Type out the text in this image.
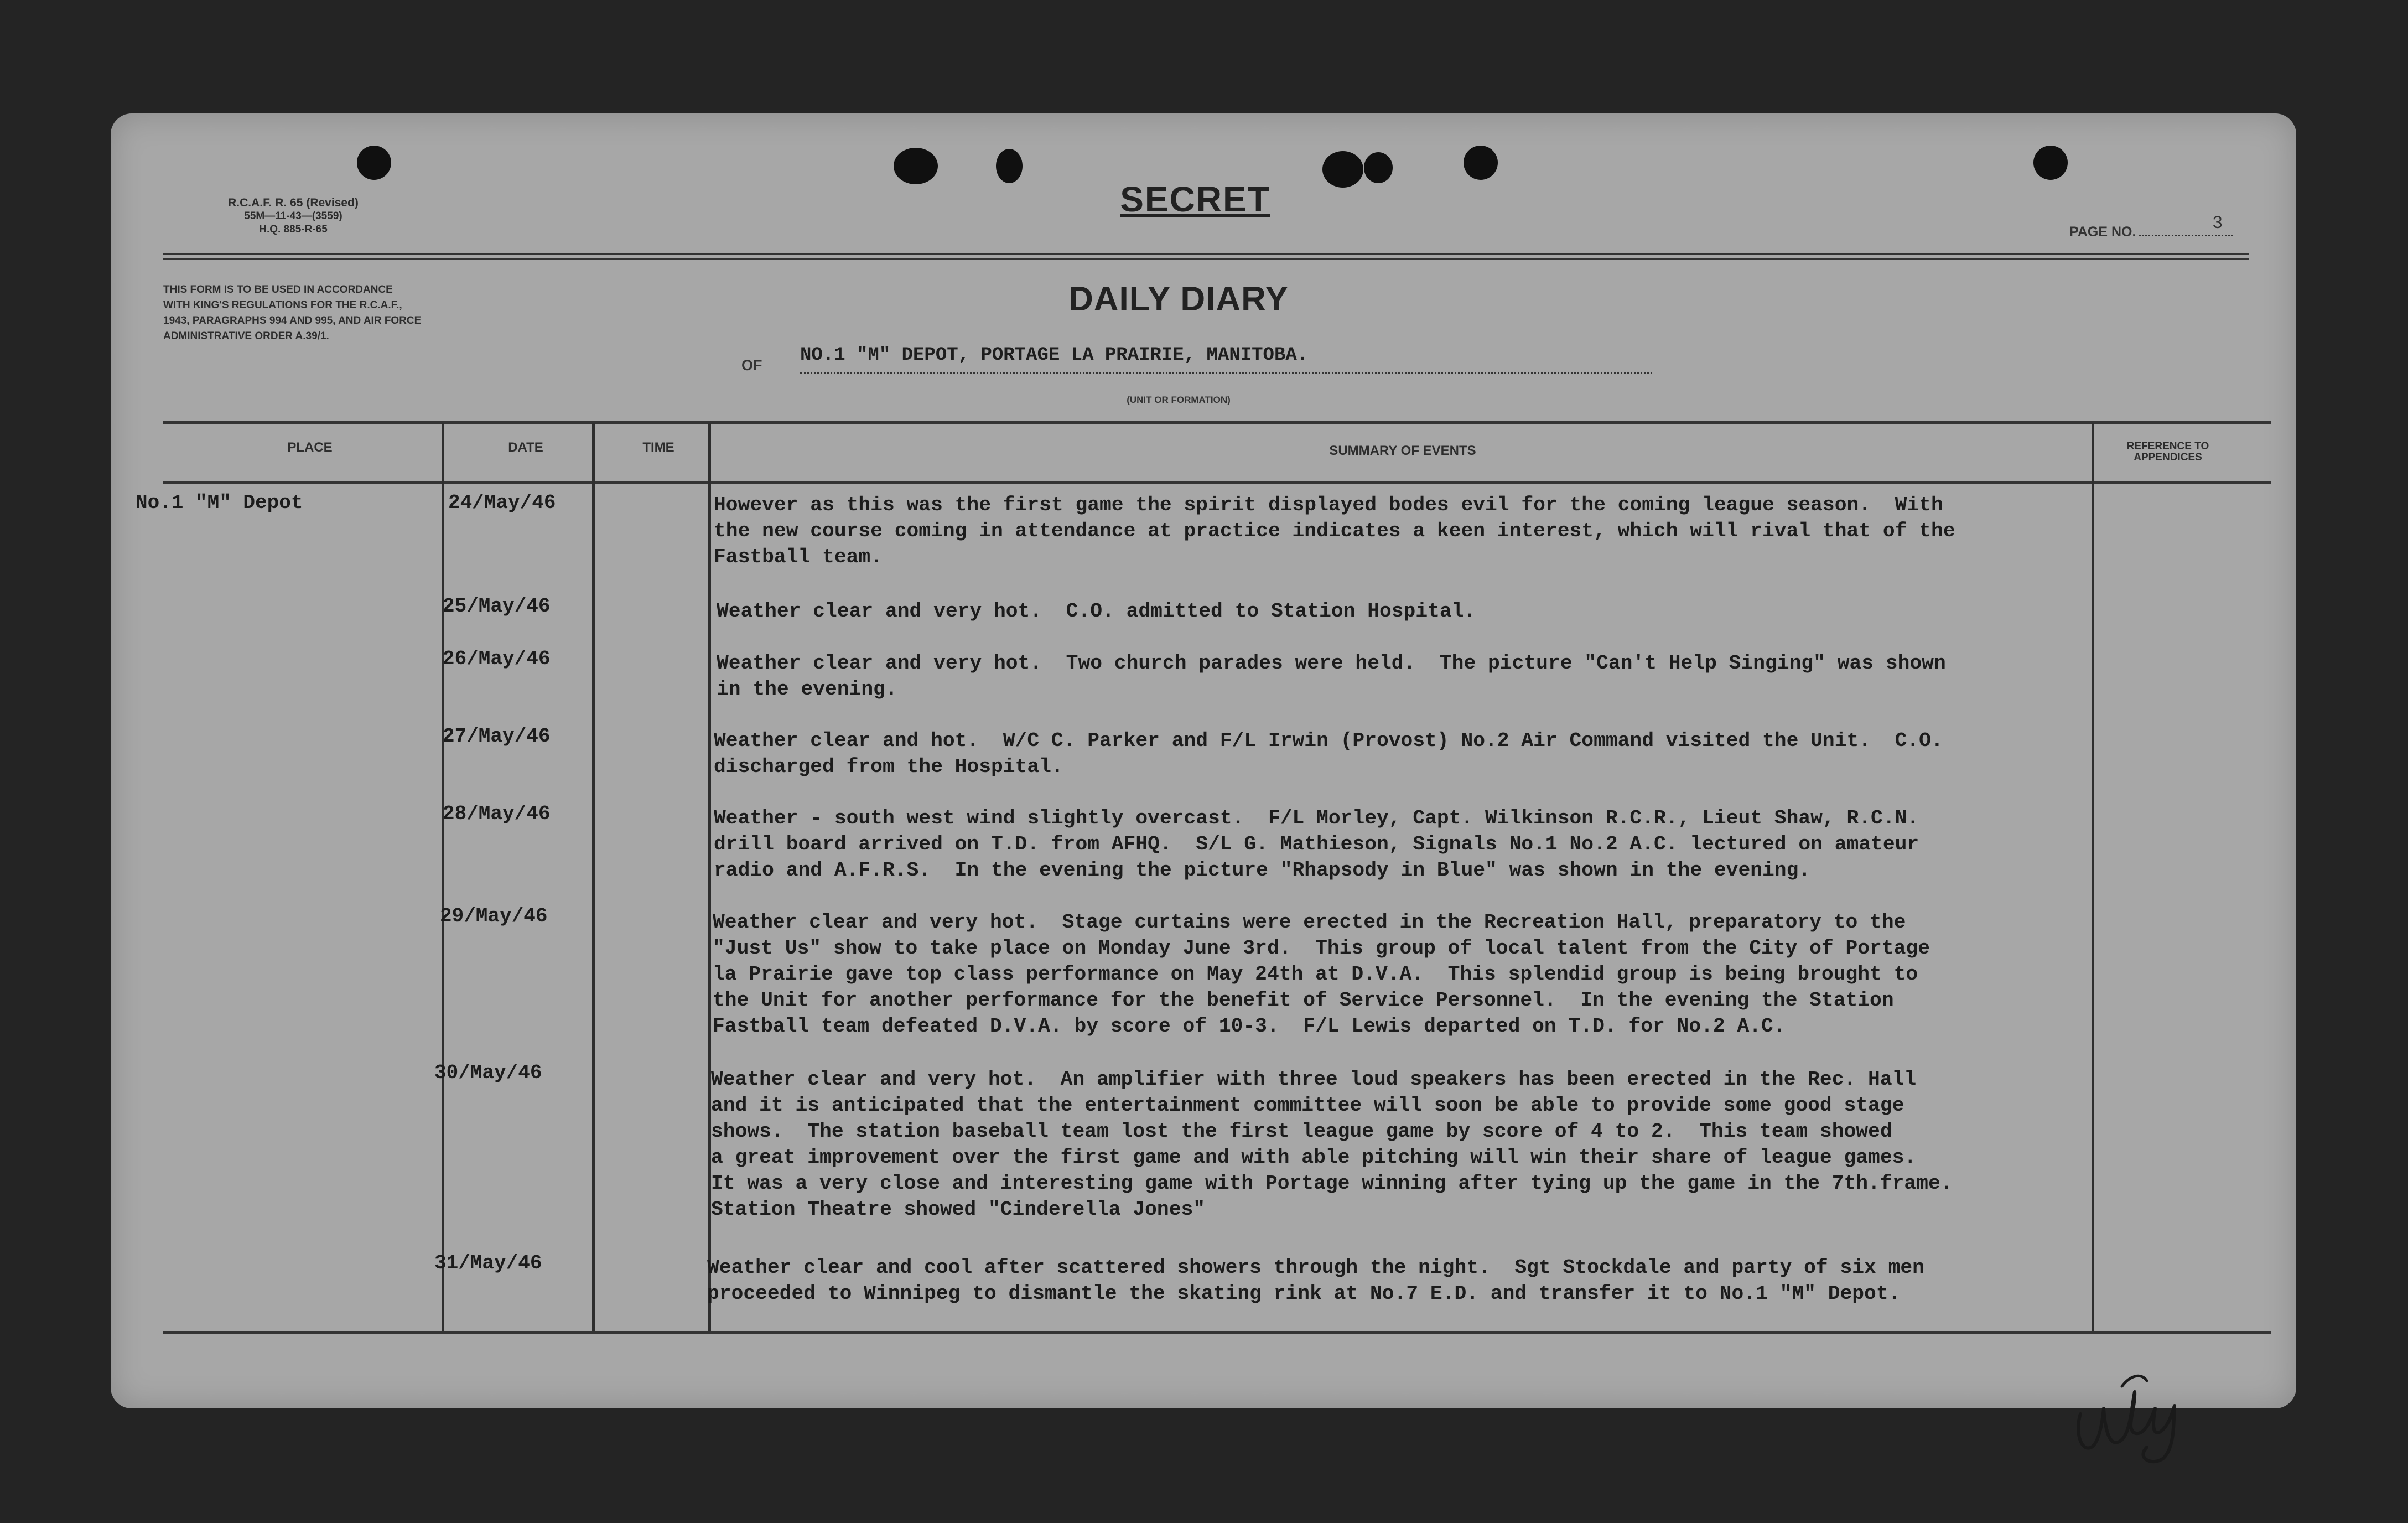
R.C.A.F. R. 65 (Revised)
55M—11-43—(3559)
H.Q. 885-R-65
SECRET
PAGE NO.	3
THIS FORM IS TO BE USED IN ACCORDANCE
WITH KING'S REGULATIONS FOR THE R.C.A.F.,
1943, PARAGRAPHS 994 AND 995, AND AIR FORCE
ADMINISTRATIVE ORDER A.39/1.
DAILY DIARY
OF NO.1 "M" DEPOT, PORTAGE LA PRAIRIE, MANITOBA.
(UNIT OR FORMATION)
PLACE	DATE	TIME	SUMMARY OF EVENTS	REFERENCE TO APPENDICES
No.1 "M" Depot	24/May/46	However as this was the first game the spirit displayed bodes evil for the coming league season.  With
the new course coming in attendance at practice indicates a keen interest, which will rival that of the
Fastball team.
25/May/46	Weather clear and very hot.  C.O. admitted to Station Hospital.
26/May/46	Weather clear and very hot.  Two church parades were held.  The picture "Can't Help Singing" was shown
in the evening.
27/May/46	Weather clear and hot.  W/C C. Parker and F/L Irwin (Provost) No.2 Air Command visited the Unit.  C.O.
discharged from the Hospital.
28/May/46	Weather - south west wind slightly overcast.  F/L Morley, Capt. Wilkinson R.C.R., Lieut Shaw, R.C.N.
drill board arrived on T.D. from AFHQ.  S/L G. Mathieson, Signals No.1 No.2 A.C. lectured on amateur
radio and A.F.R.S.  In the evening the picture "Rhapsody in Blue" was shown in the evening.
29/May/46	Weather clear and very hot.  Stage curtains were erected in the Recreation Hall, preparatory to the
"Just Us" show to take place on Monday June 3rd.  This group of local talent from the City of Portage
la Prairie gave top class performance on May 24th at D.V.A.  This splendid group is being brought to
the Unit for another performance for the benefit of Service Personnel.  In the evening the Station
Fastball team defeated D.V.A. by score of 10-3.  F/L Lewis departed on T.D. for No.2 A.C.
30/May/46	Weather clear and very hot.  An amplifier with three loud speakers has been erected in the Rec. Hall
and it is anticipated that the entertainment committee will soon be able to provide some good stage
shows.  The station baseball team lost the first league game by score of 4 to 2.  This team showed
a great improvement over the first game and with able pitching will win their share of league games.
It was a very close and interesting game with Portage winning after tying up the game in the 7th.frame.
Station Theatre showed "Cinderella Jones"
31/May/46	Weather clear and cool after scattered showers through the night.  Sgt Stockdale and party of six men
proceeded to Winnipeg to dismantle the skating rink at No.7 E.D. and transfer it to No.1 "M" Depot.
